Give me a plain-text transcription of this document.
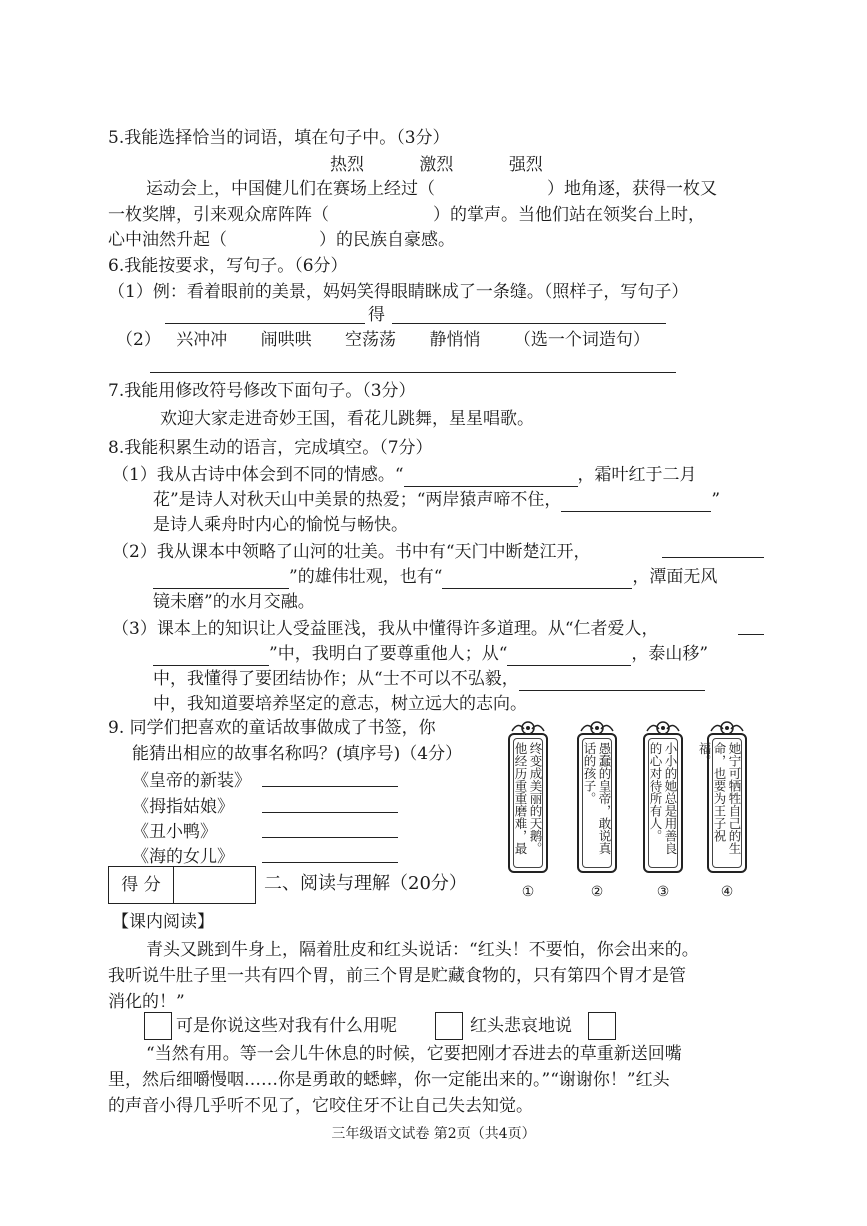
5.我能选择恰当的词语，填在句子中。（3分）
热烈	激烈	强烈
运动会上，中国健儿们在赛场上经过（	）地角逐，获得一枚又
一枚奖牌，引来观众席阵阵（	）的掌声。当他们站在领奖台上时，
心中油然升起（	）的民族自豪感。
6.我能按要求，写句子。（6分）
（1）例：看着眼前的美景，妈妈笑得眼睛眯成了一条缝。（照样子，写句子）
得
（2） 兴冲冲 闹哄哄 空荡荡 静悄悄 （选一个词造句）
7.我能用修改符号修改下面句子。（3分）
欢迎大家走进奇妙王国，看花儿跳舞，星星唱歌。
8.我能积累生动的语言，完成填空。（7分）
（1）我从古诗中体会到不同的情感。“	，霜叶红于二月
花”是诗人对秋天山中美景的热爱；“两岸猿声啼不住，	”
是诗人乘舟时内心的愉悦与畅快。
（2）我从课本中领略了山河的壮美。书中有“天门中断楚江开，
”的雄伟壮观，也有“	，潭面无风
镜未磨”的水月交融。
（3）课本上的知识让人受益匪浅，我从中懂得许多道理。从“仁者爱人，
”中，我明白了要尊重他人；从“	，泰山移”
中，我懂得了要团结协作；从“士不可以不弘毅，
中，我知道要培养坚定的意志，树立远大的志向。
9. 同学们把喜欢的童话故事做成了书签，你
能猜出相应的故事名称吗？(填序号)（4分）
《皇帝的新装》
《拇指姑娘》
《丑小鸭》
《海的女儿》
终变成美丽的天鹅。他经历重重磨难，最
①
愚蠢的皇帝，敢说真话的孩子。
②
小小的她总是用善良的心对待所有人。
③
她宁可牺牲自己的生命，也要为王子祝福。
④
得 分	二、阅读与理解（20分）
【课内阅读】
青头又跳到牛身上，隔着肚皮和红头说话：“红头！不要怕，你会出来的。
我听说牛肚子里一共有四个胃，前三个胃是贮藏食物的，只有第四个胃才是管
消化的！”
可是你说这些对我有什么用呢	红头悲哀地说
“当然有用。等一会儿牛休息的时候，它要把刚才吞进去的草重新送回嘴
里，然后细嚼慢咽……你是勇敢的蟋蟀，你一定能出来的。”“谢谢你！”红头
的声音小得几乎听不见了，它咬住牙不让自己失去知觉。
三年级语文试卷 第2页（共4页）
